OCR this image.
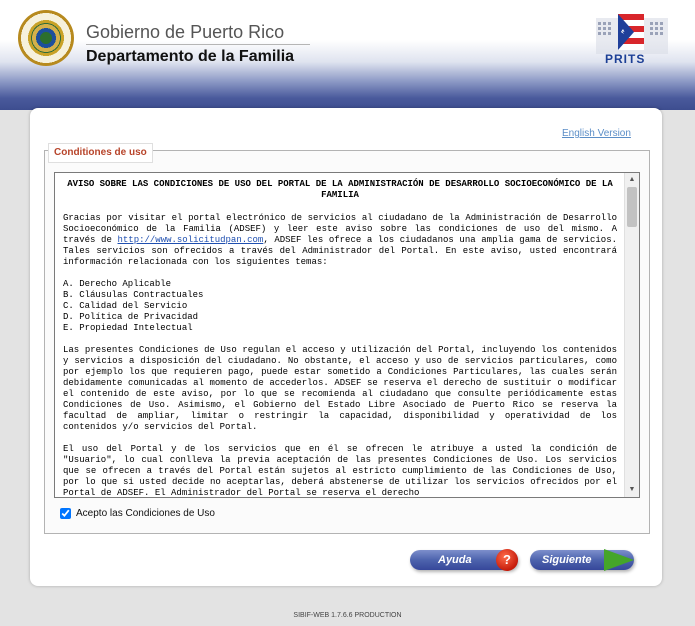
Gobierno de Puerto Rico
Departamento de la Familia	PRITS
English Version
Conditiones de uso
AVISO SOBRE LAS CONDICIONES DE USO DEL PORTAL DE LA ADMINISTRACIÓN DE DESARROLLO SOCIOECONÓMICO DE LA FAMILIA

Gracias por visitar el portal electrónico de servicios al ciudadano de la Administración de Desarrollo Socioeconómico de la Familia (ADSEF) y leer este aviso sobre las condiciones de uso del mismo. A través de http://www.solicitudpan.com, ADSEF les ofrece a los ciudadanos una amplia gama de servicios. Tales servicios son ofrecidos a través del Administrador del Portal. En este aviso, usted encontrará información relacionada con los siguientes temas:

A. Derecho Aplicable
B. Cláusulas Contractuales
C. Calidad del Servicio
D. Política de Privacidad
E. Propiedad Intelectual

Las presentes Condiciones de Uso regulan el acceso y utilización del Portal, incluyendo los contenidos y servicios a disposición del ciudadano. No obstante, el acceso y uso de servicios particulares, como por ejemplo los que requieren pago, puede estar sometido a Condiciones Particulares, las cuales serán debidamente comunicadas al momento de accederlos. ADSEF se reserva el derecho de sustituir o modificar el contenido de este aviso, por lo que se recomienda al ciudadano que consulte periódicamente estas Condiciones de Uso. Asimismo, el Gobierno del Estado Libre Asociado de Puerto Rico se reserva la facultad de ampliar, limitar o restringir la capacidad, disponibilidad y operatividad de los contenidos y/o servicios del Portal.

El uso del Portal y de los servicios que en él se ofrecen le atribuye a usted la condición de "Usuario", lo cual conlleva la previa aceptación de las presentes Condiciones de Uso. Los servicios que se ofrecen a través del Portal están sujetos al estricto cumplimiento de las Condiciones de Uso, por lo que si usted decide no aceptarlas, deberá abstenerse de utilizar los servicios ofrecidos por el Portal de ADSEF. El Administrador del Portal se reserva el derecho

▲
▼
Acepto las Condiciones de Uso
Ayuda	?	Siguiente
SIBIF-WEB 1.7.6.6 PRODUCTION
